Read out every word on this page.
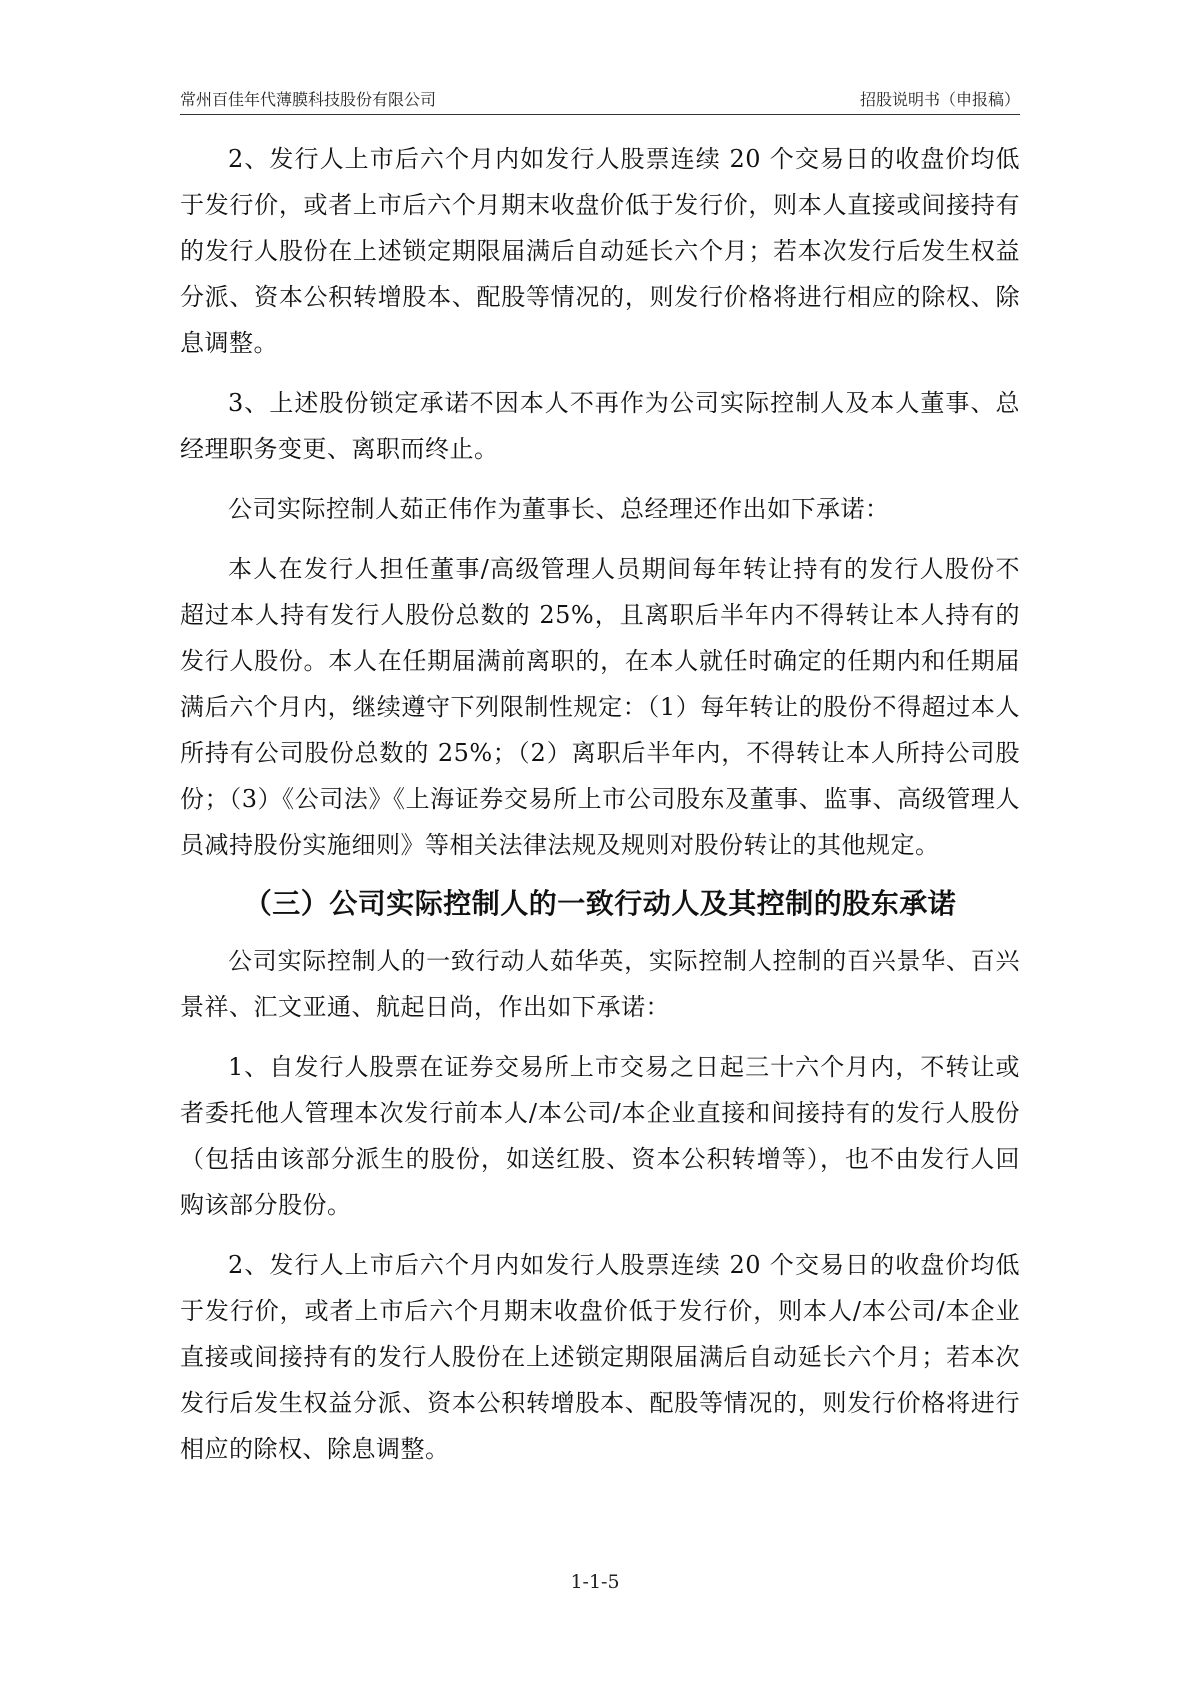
常州百佳年代薄膜科技股份有限公司	招股说明书（申报稿）

2、发行人上市后六个月内如发行人股票连续 20 个交易日的收盘价均低于发行价，或者上市后六个月期末收盘价低于发行价，则本人直接或间接持有的发行人股份在上述锁定期限届满后自动延长六个月；若本次发行后发生权益分派、资本公积转增股本、配股等情况的，则发行价格将进行相应的除权、除息调整。

3、上述股份锁定承诺不因本人不再作为公司实际控制人及本人董事、总经理职务变更、离职而终止。

公司实际控制人茹正伟作为董事长、总经理还作出如下承诺：

本人在发行人担任董事/高级管理人员期间每年转让持有的发行人股份不超过本人持有发行人股份总数的 25%，且离职后半年内不得转让本人持有的发行人股份。本人在任期届满前离职的，在本人就任时确定的任期内和任期届满后六个月内，继续遵守下列限制性规定：（1）每年转让的股份不得超过本人所持有公司股份总数的 25%；（2）离职后半年内，不得转让本人所持公司股份；（3）《公司法》《上海证券交易所上市公司股东及董事、监事、高级管理人员减持股份实施细则》等相关法律法规及规则对股份转让的其他规定。

（三）公司实际控制人的一致行动人及其控制的股东承诺

公司实际控制人的一致行动人茹华英，实际控制人控制的百兴景华、百兴景祥、汇文亚通、航起日尚，作出如下承诺：

1、自发行人股票在证券交易所上市交易之日起三十六个月内，不转让或者委托他人管理本次发行前本人/本公司/本企业直接和间接持有的发行人股份（包括由该部分派生的股份，如送红股、资本公积转增等），也不由发行人回购该部分股份。

2、发行人上市后六个月内如发行人股票连续 20 个交易日的收盘价均低于发行价，或者上市后六个月期末收盘价低于发行价，则本人/本公司/本企业直接或间接持有的发行人股份在上述锁定期限届满后自动延长六个月；若本次发行后发生权益分派、资本公积转增股本、配股等情况的，则发行价格将进行相应的除权、除息调整。

1-1-5
